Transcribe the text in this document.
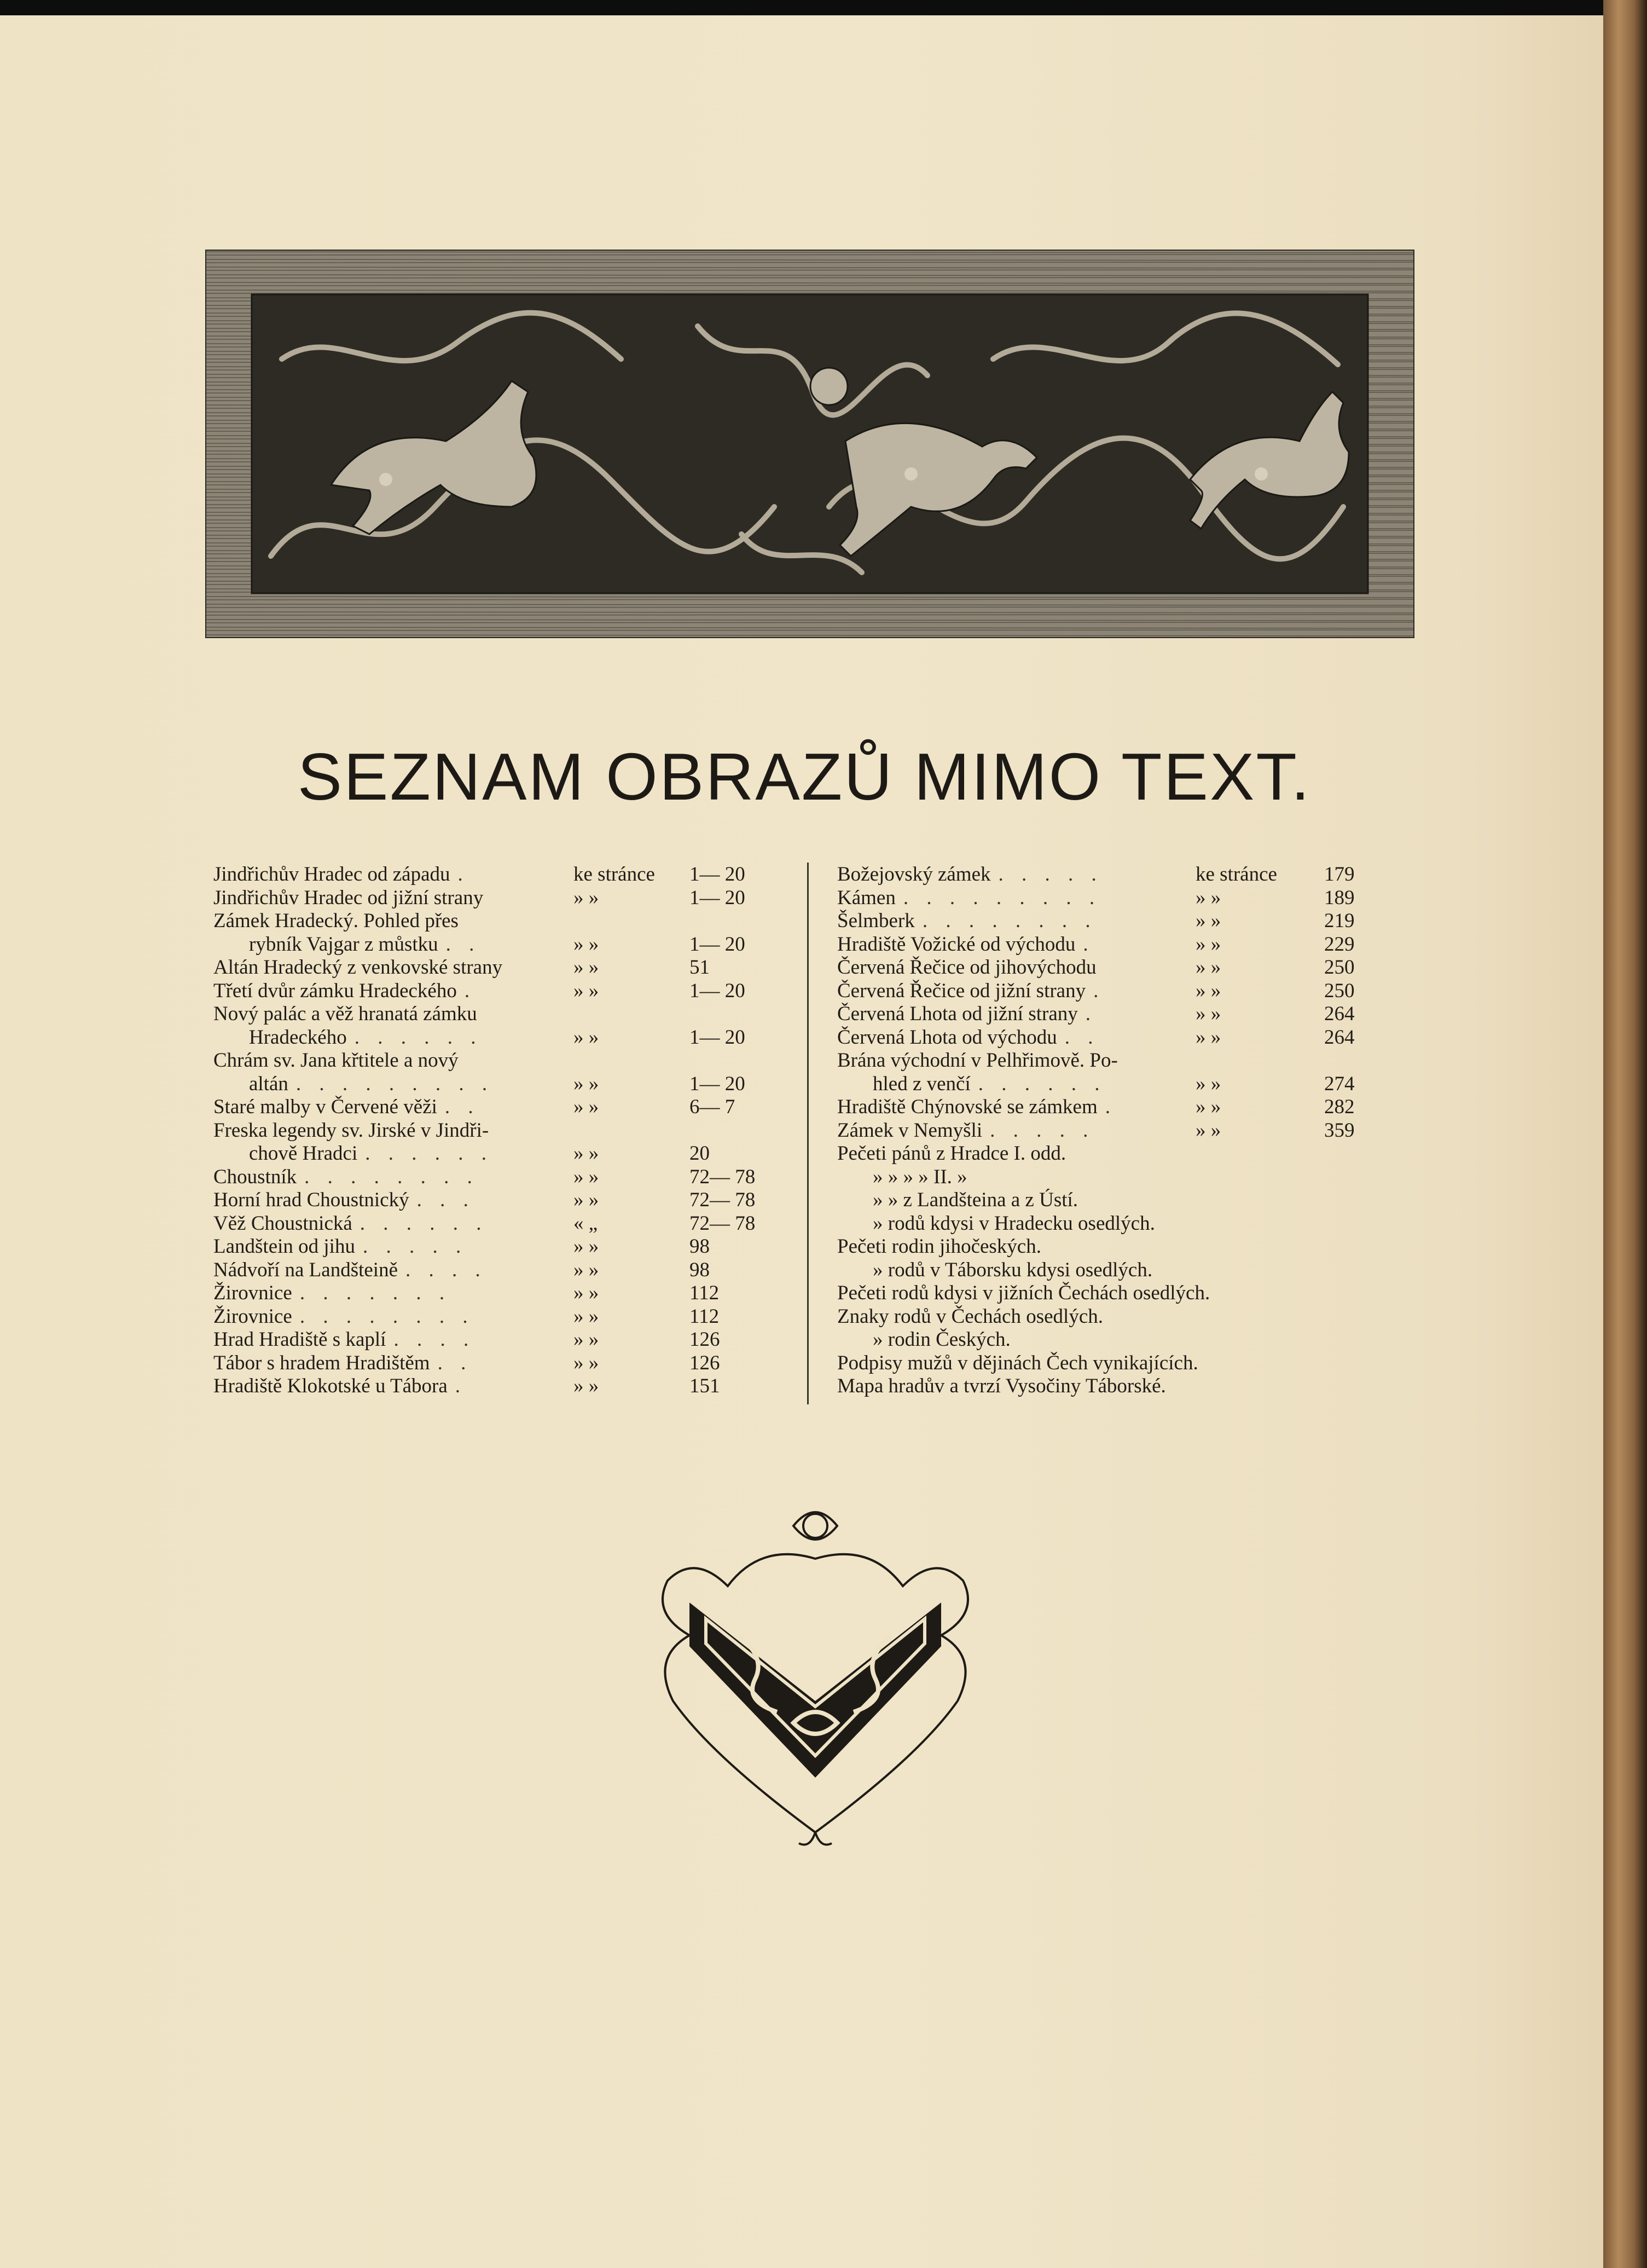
SEZNAM OBRAZŮ MIMO TEXT.
Jindřichův Hradec od západu .	ke stránce 1— 20
Jindřichův Hradec od jižní strany	» »	1— 20
Zámek Hradecký. Pohled přes
rybník Vajgar z můstku . .	» »	1— 20
Altán Hradecký z venkovské strany	» »	51
Třetí dvůr zámku Hradeckého .	» »	1— 20
Nový palác a věž hranatá zámku
Hradeckého . . . . . .	» »	1— 20
Chrám sv. Jana křtitele a nový
altán . . . . . . . . .	» »	1— 20
Staré malby v Červené věži . .	» »	6— 7
Freska legendy sv. Jirské v Jindři-
chově Hradci . . . . . .	» »	20
Choustník . . . . . . . .	» »	72— 78
Horní hrad Choustnický . . .	» »	72— 78
Věž Choustnická . . . . . .	« „	72— 78
Landštein od jihu . . . . .	» »	98
Nádvoří na Landšteině . . . .	» »	98
Žirovnice . . . . . . .	» »	112
Žirovnice . . . . . . . .	» »	112
Hrad Hradiště s kaplí . . . .	» »	126
Tábor s hradem Hradištěm . .	» »	126
Hradiště Klokotské u Tábora .	» »	151
Božejovský zámek . . . . .	ke stránce 179
Kámen . . . . . . . . .	» »	189
Šelmberk . . . . . . . .	» »	219
Hradiště Vožické od východu .	» »	229
Červená Řečice od jihovýchodu	» »	250
Červená Řečice od jižní strany .	» »	250
Červená Lhota od jižní strany .	» »	264
Červená Lhota od východu . .	» »	264
Brána východní v Pelhřimově. Po-
hled z venčí . . . . . .	» »	274
Hradiště Chýnovské se zámkem .	» »	282
Zámek v Nemyšli . . . . .	» »	359
Pečeti pánů z Hradce I. odd.
» » » » II. »
» » z Landšteina a z Ústí.
» rodů kdysi v Hradecku osedlých.
Pečeti rodin jihočeských.
» rodů v Táborsku kdysi osedlých.
Pečeti rodů kdysi v jižních Čechách osedlých.
Znaky rodů v Čechách osedlých.
» rodin Českých.
Podpisy mužů v dějinách Čech vynikajících.
Mapa hradův a tvrzí Vysočiny Táborské.
